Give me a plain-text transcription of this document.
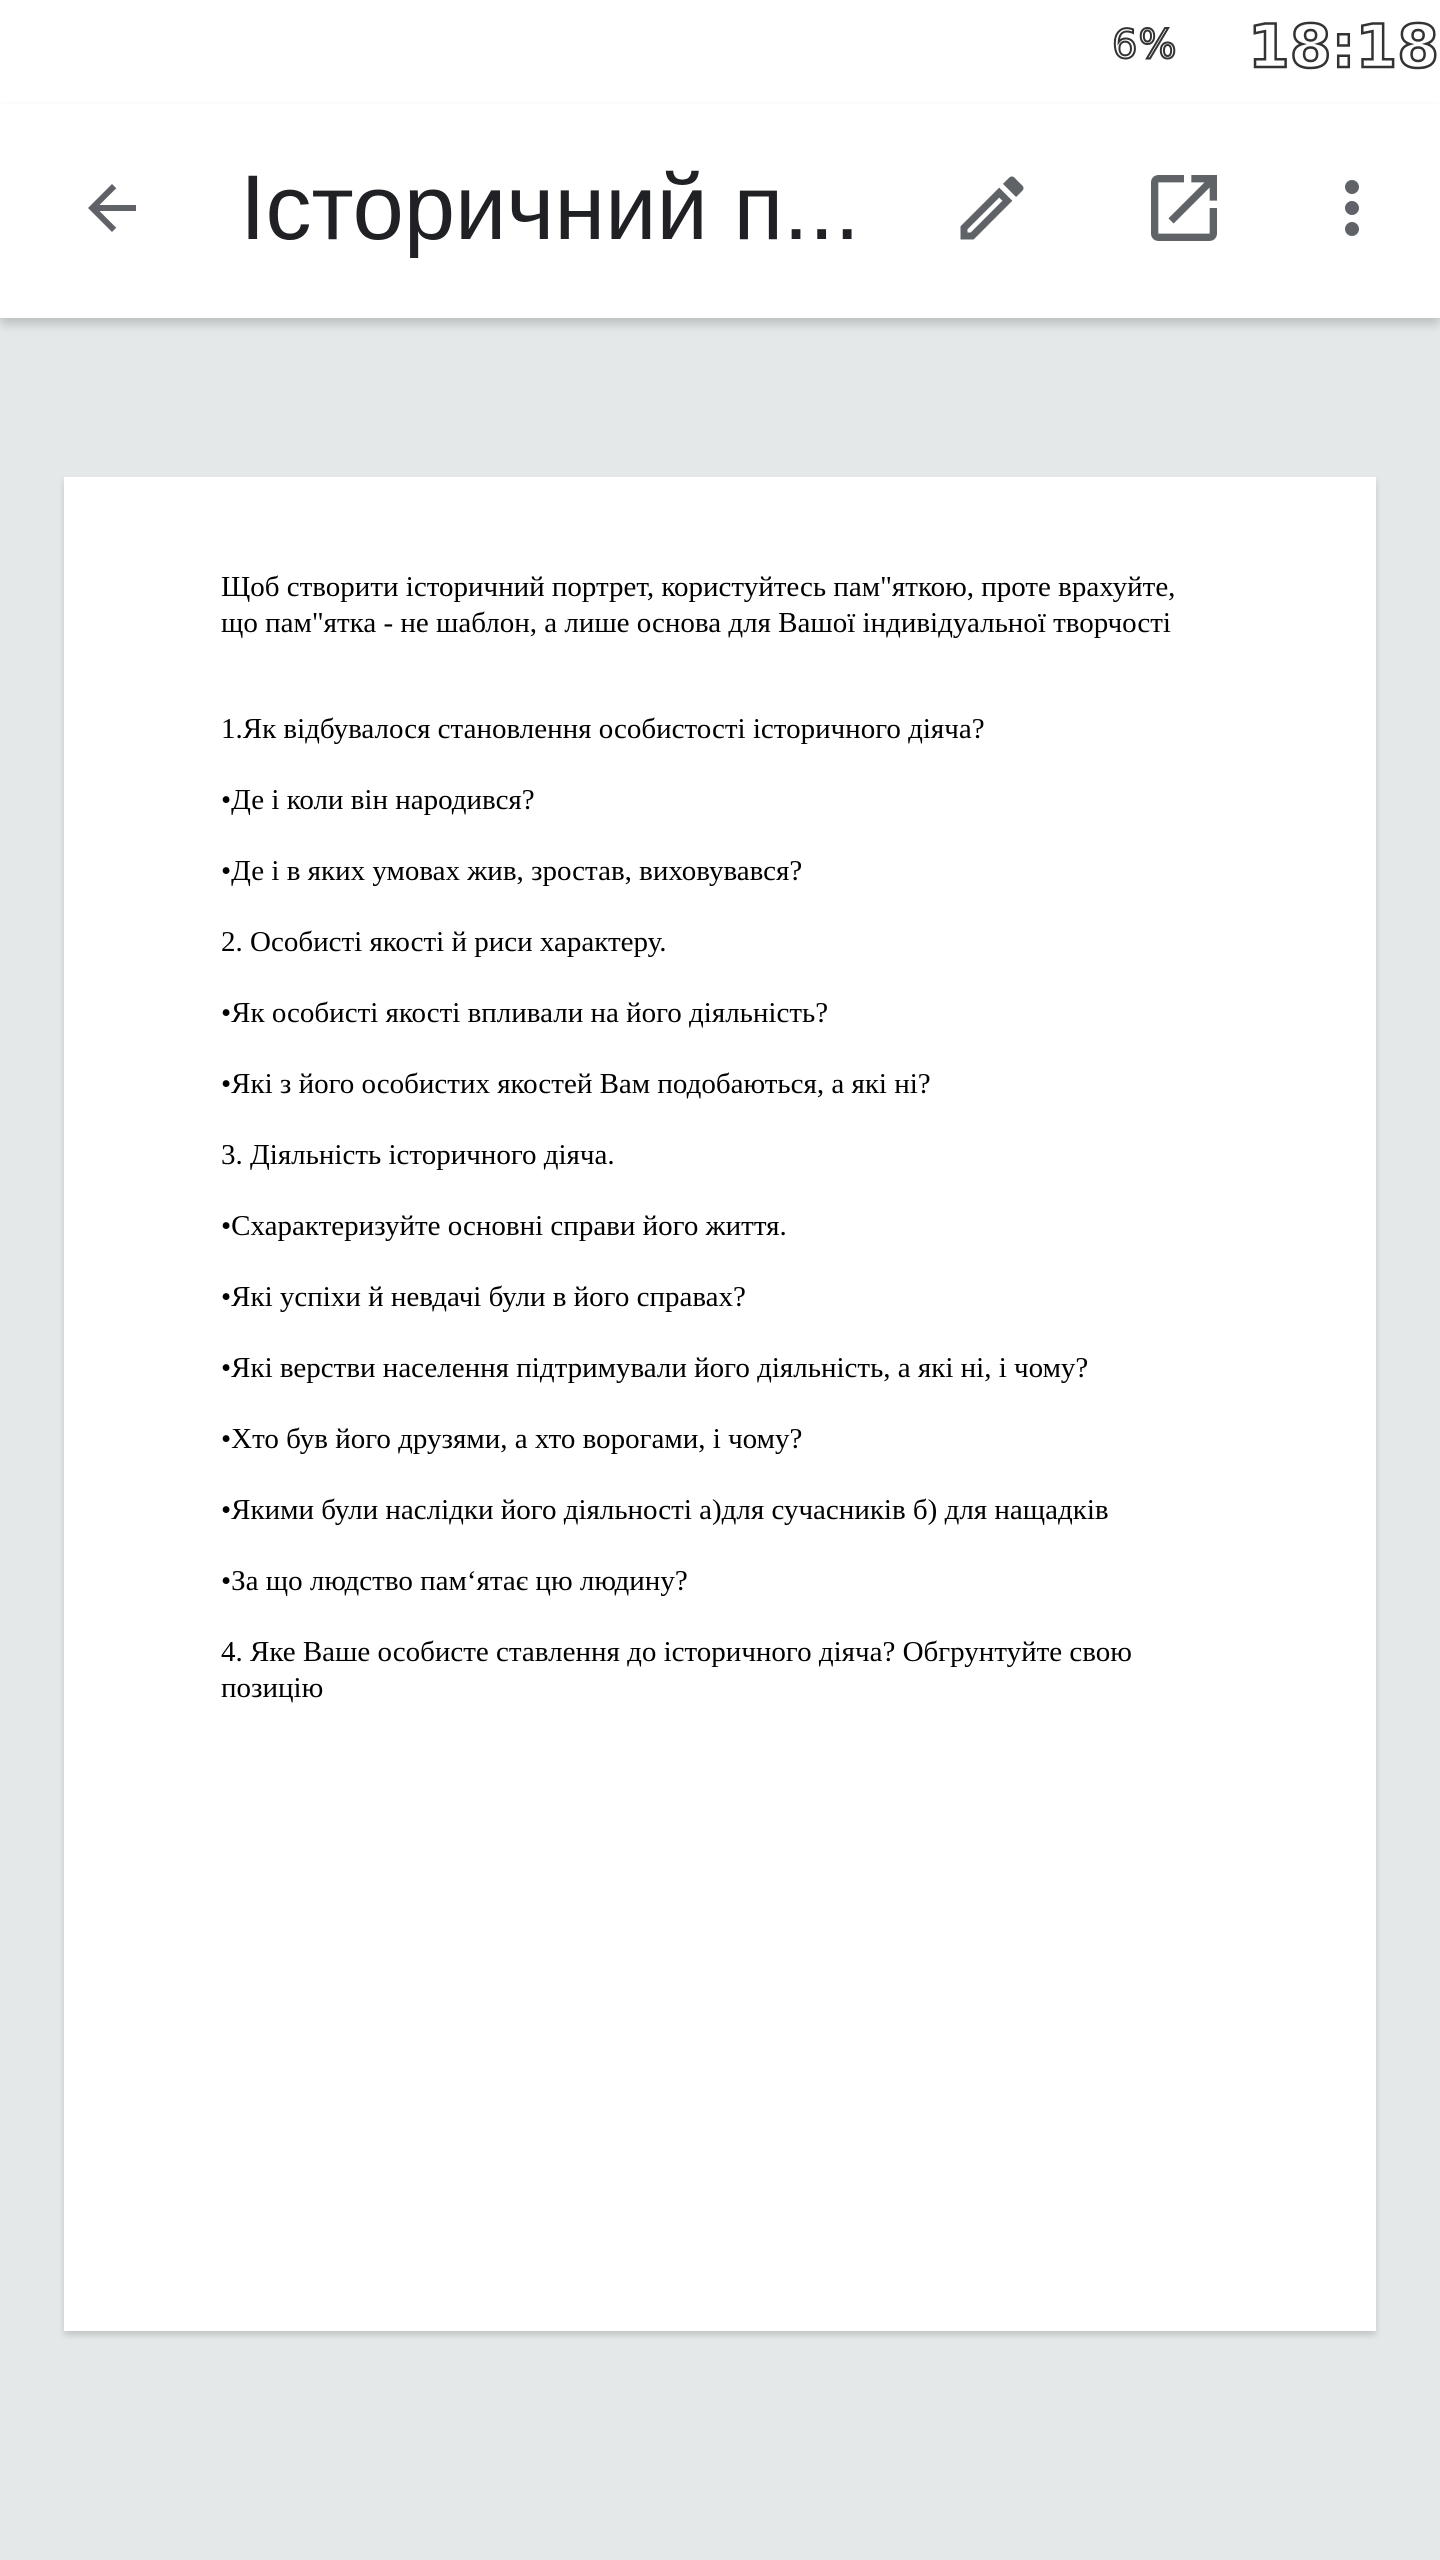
6% 18:18
Історичний п...

Щоб створити історичний портрет, користуйтесь пам"яткою, проте врахуйте,
що пам"ятка - не шаблон, а лише основа для Вашої індивідуальної творчості

1.Як відбувалося становлення особистості історичного діяча?

•Де і коли він народився?

•Де і в яких умовах жив, зростав, виховувався?

2. Особисті якості й риси характеру.

•Як особисті якості впливали на його діяльність?

•Які з його особистих якостей Вам подобаються, а які ні?

3. Діяльність історичного діяча.

•Схарактеризуйте основні справи його життя.

•Які успіхи й невдачі були в його справах?

•Які верстви населення підтримували його діяльність, а які ні, і чому?

•Хто був його друзями, а хто ворогами, і чому?

•Якими були наслідки його діяльності а)для сучасників б) для нащадків

•За що людство пам‘ятає цю людину?

4. Яке Ваше особисте ставлення до історичного діяча? Обгрунтуйте свою
позицію
